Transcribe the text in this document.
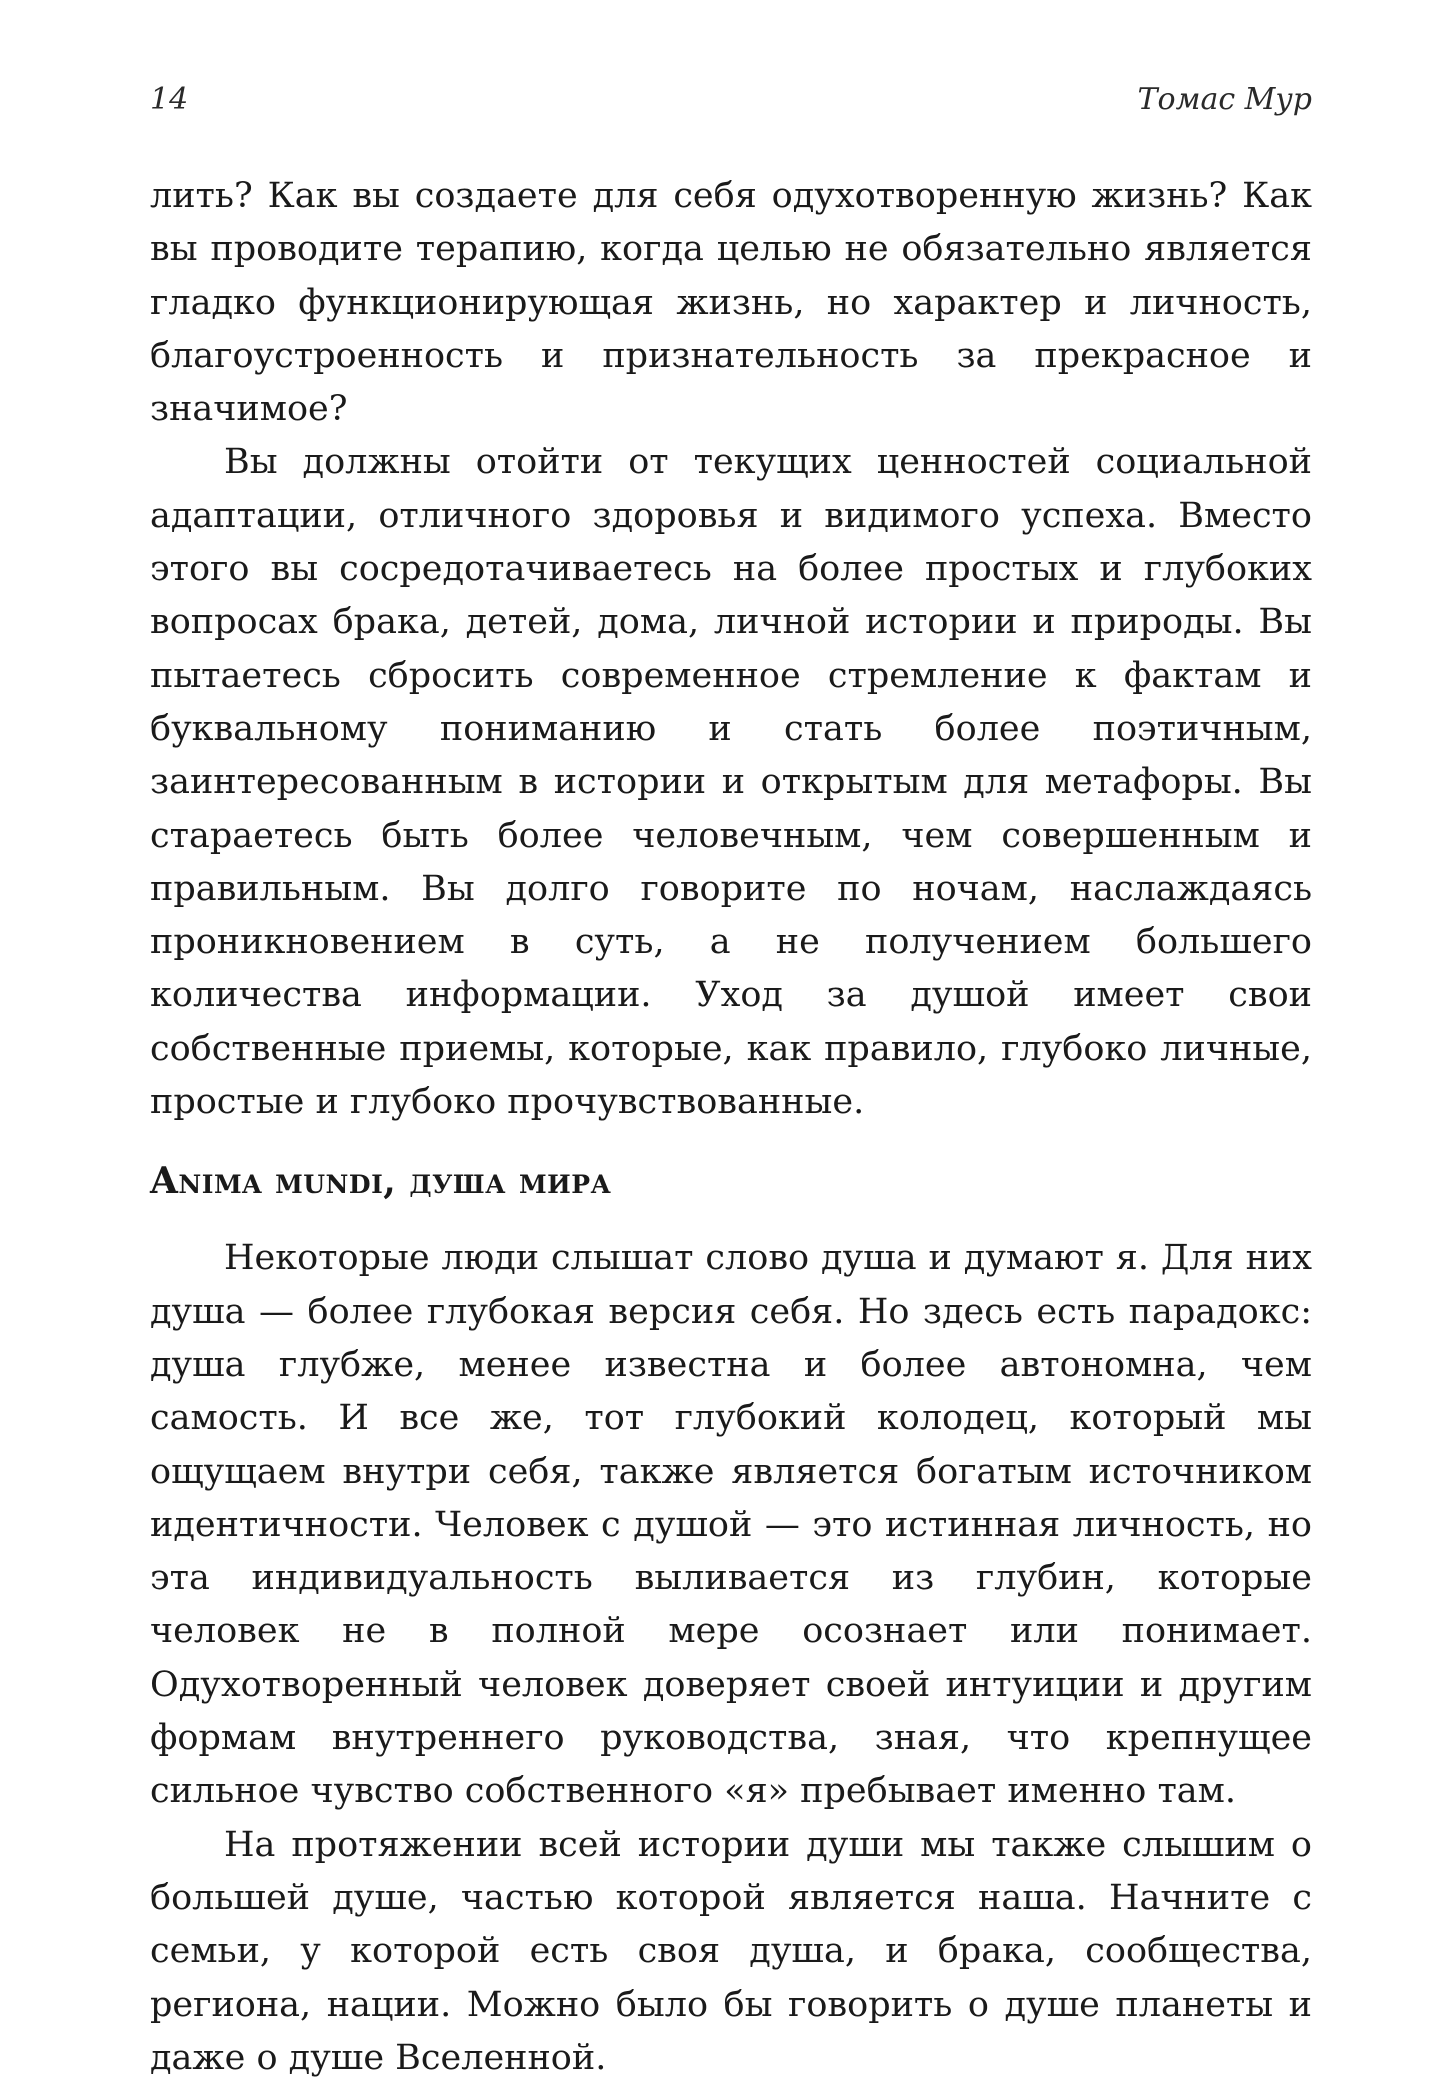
14	Томас Мур

лить? Как вы создаете для себя одухотворенную жизнь? Как вы проводите терапию, когда целью не обязательно является гладко функционирующая жизнь, но характер и личность, благоустроенность и признательность за прекрасное и значимое?

Вы должны отойти от текущих ценностей социальной адаптации, отличного здоровья и видимого успеха. Вместо этого вы сосредотачиваетесь на более простых и глубоких вопросах брака, детей, дома, личной истории и природы. Вы пытаетесь сбросить современное стремление к фактам и буквальному пониманию и стать более поэтичным, заинтересованным в истории и открытым для метафоры. Вы стараетесь быть более человечным, чем совершенным и правильным. Вы долго говорите по ночам, наслаждаясь проникновением в суть, а не получением большего количества информации. Уход за душой имеет свои собственные приемы, которые, как правило, глубоко личные, простые и глубоко прочувствованные.

Anima mundi, душа мира

Некоторые люди слышат слово душа и думают я. Для них душа — более глубокая версия себя. Но здесь есть парадокс: душа глубже, менее известна и более автономна, чем самость. И все же, тот глубокий колодец, который мы ощущаем внутри себя, также является богатым источником идентичности. Человек с душой — это истинная личность, но эта индивидуальность выливается из глубин, которые человек не в полной мере осознает или понимает. Одухотворенный человек доверяет своей интуиции и другим формам внутреннего руководства, зная, что крепнущее сильное чувство собственного «я» пребывает именно там.

На протяжении всей истории души мы также слышим о большей душе, частью которой является наша. Начните с семьи, у которой есть своя душа, и брака, сообщества, региона, нации. Можно было бы говорить о душе планеты и даже о душе Вселенной.
